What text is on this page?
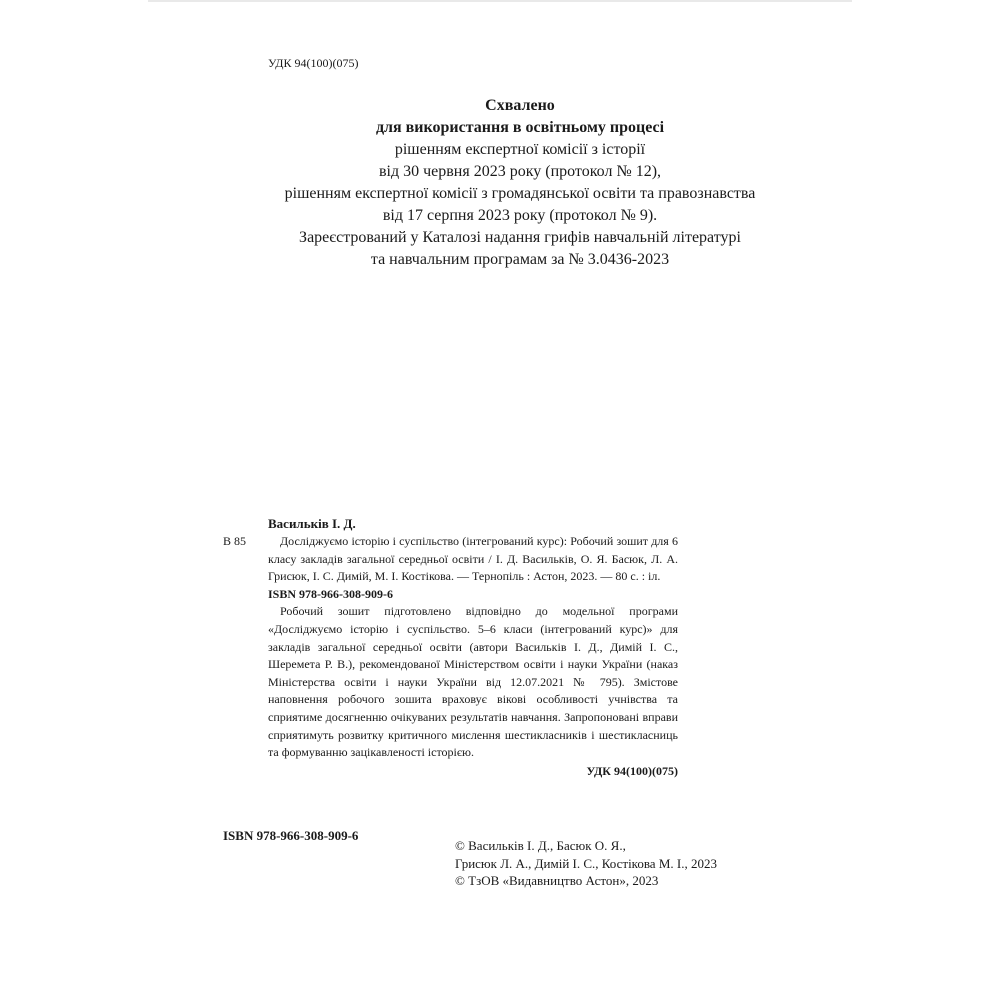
УДК 94(100)(075)
Схвалено
для використання в освітньому процесі
рішенням експертної комісії з історії
від 30 червня 2023 року (протокол № 12),
рішенням експертної комісії з громадянської освіти та правознавства
від 17 серпня 2023 року (протокол № 9).
Зареєстрований у Каталозі надання грифів навчальній літературі
та навчальним програмам за № 3.0436-2023
Васильків І. Д.
В 85	Досліджуємо історію і суспільство (інтегрований курс): Робочий зошит для 6 класу закладів загальної середньої освіти / І. Д. Васильків, О. Я. Басюк, Л. А. Грисюк, І. С. Димій, М. І. Костікова. — Тернопіль : Астон, 2023. — 80 с. : іл.
ISBN 978-966-308-909-6
Робочий зошит підготовлено відповідно до модельної програми «Досліджуємо історію і суспільство. 5–6 класи (інтегрований курс)» для закладів загальної середньої освіти (автори Васильків І. Д., Димій І. С., Шеремета Р. В.), рекомендованої Міністерством освіти і науки України (наказ Міністерства освіти і науки України від 12.07.2021 № 795). Змістове наповнення робочого зошита враховує вікові особливості учнівства та сприятиме досягненню очікуваних результатів навчання. Запропоновані вправи сприятимуть розвитку критичного мислення шестикласників і шестикласниць та формуванню зацікавленості історією.
УДК 94(100)(075)
ISBN 978-966-308-909-6
© Васильків І. Д., Басюк О. Я.,
Грисюк Л. А., Димій І. С., Костікова М. І., 2023
© ТзОВ «Видавництво Астон», 2023
